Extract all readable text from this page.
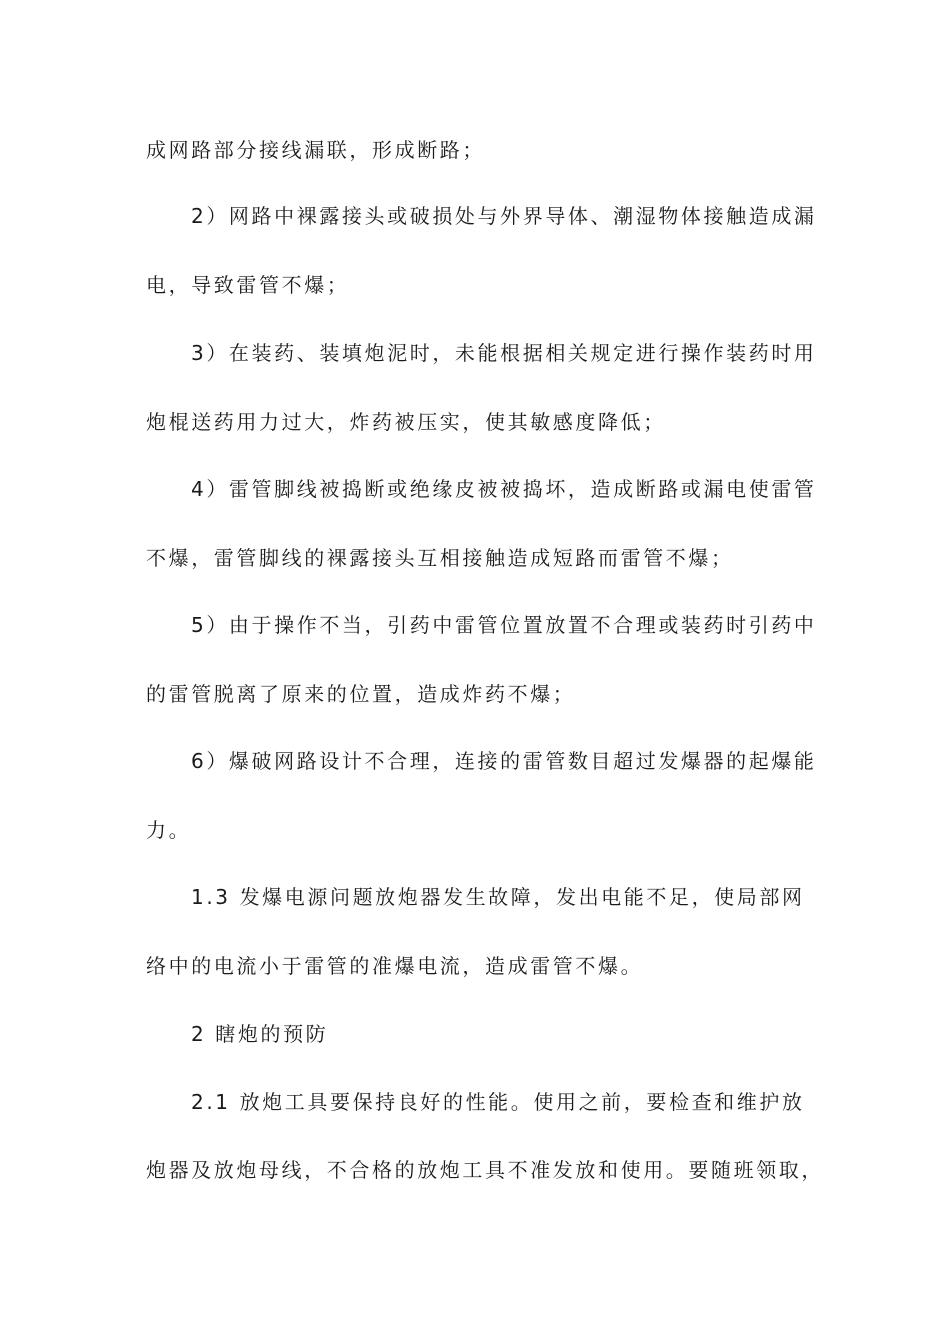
成网路部分接线漏联，形成断路；
2）网路中裸露接头或破损处与外界导体、潮湿物体接触造成漏
电，导致雷管不爆；
3）在装药、装填炮泥时，未能根据相关规定进行操作装药时用
炮棍送药用力过大，炸药被压实，使其敏感度降低；
4）雷管脚线被捣断或绝缘皮被被捣坏，造成断路或漏电使雷管
不爆，雷管脚线的裸露接头互相接触造成短路而雷管不爆；
5）由于操作不当，引药中雷管位置放置不合理或装药时引药中
的雷管脱离了原来的位置，造成炸药不爆；
6）爆破网路设计不合理，连接的雷管数目超过发爆器的起爆能
力。
1.3 发爆电源问题放炮器发生故障，发出电能不足，使局部网
络中的电流小于雷管的准爆电流，造成雷管不爆。
2 瞎炮的预防
2.1 放炮工具要保持良好的性能。使用之前，要检查和维护放
炮器及放炮母线，不合格的放炮工具不准发放和使用。要随班领取，
